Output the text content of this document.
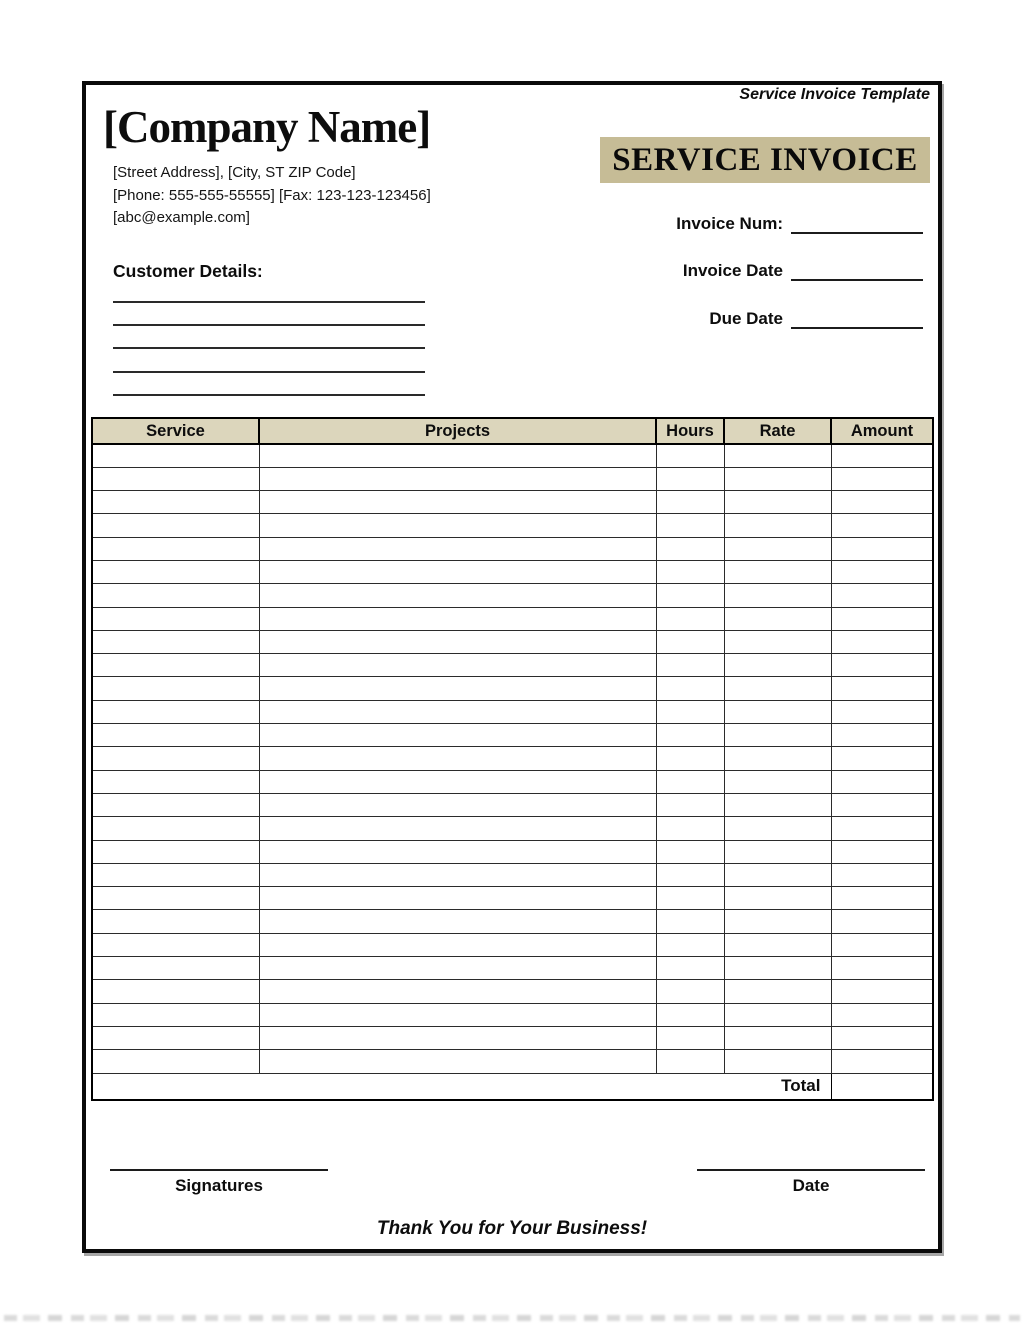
Service Invoice Template
[Company Name]
[Street Address], [City, ST ZIP Code]
[Phone: 555-555-55555] [Fax: 123-123-123456]
[abc@example.com]
SERVICE INVOICE
Invoice Num:
Invoice Date
Due Date
Customer Details:
Service	Projects	Hours	Rate	Amount

Total				
Signatures	Date
Thank You for Your Business!
